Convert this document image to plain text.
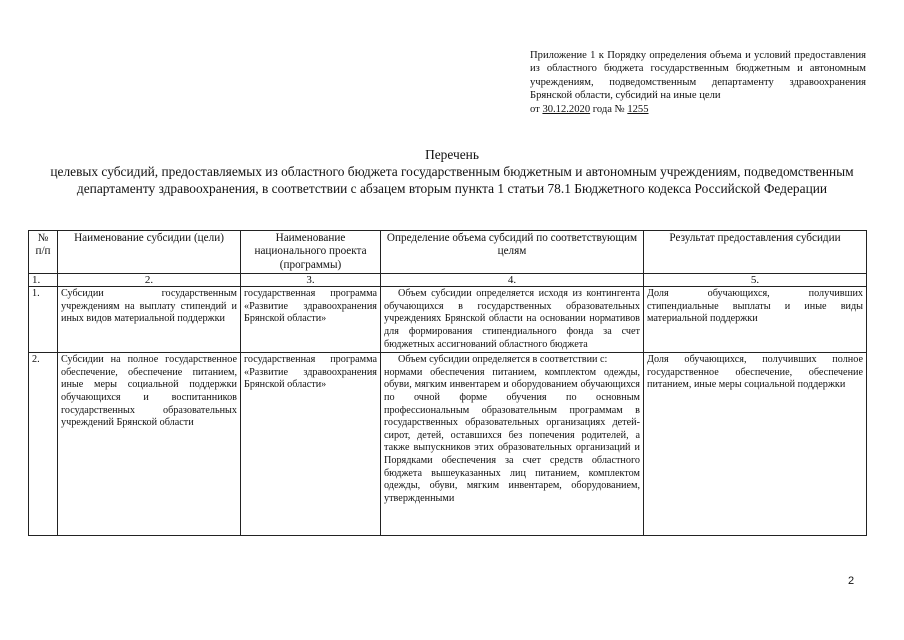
Приложение 1 к Порядку определения объема и условий предоставления из областного бюджета государственным бюджетным и автономным учреждениям, подведомственным департаменту здравоохранения Брянской области, субсидий на иные цели
от 30.12.2020 года № 1255
Перечень
целевых субсидий, предоставляемых из областного бюджета государственным бюджетным и автономным учреждениям, подведомственным департаменту здравоохранения, в соответствии с абзацем вторым пункта 1 статьи 78.1 Бюджетного кодекса Российской Федерации
№ п/п	Наименование субсидии (цели)	Наименование национального проекта (программы)	Определение объема субсидий по соответствующим целям	Результат предоставления субсидии
1.	2.	3.	4.	5.
1.	Субсидии государственным учреждениям на выплату стипендий и иных видов материальной поддержки	государственная программа «Развитие здравоохранения Брянской области»	Объем субсидии определяется исходя из контингента обучающихся в государственных образовательных учреждениях Брянской области на основании нормативов для формирования стипендиального фонда за счет бюджетных ассигнований областного бюджета	Доля обучающихся, получивших стипендиальные выплаты и иные виды материальной поддержки
2.	Субсидии на полное государственное обеспечение, обеспечение питанием, иные меры социальной поддержки обучающихся и воспитанников государственных образовательных учреждений Брянской области	государственная программа «Развитие здравоохранения Брянской области»	Объем субсидии определяется в соответствии с:
нормами обеспечения питанием, комплектом одежды, обуви, мягким инвентарем и оборудованием обучающихся по очной форме обучения по основным профессиональным образовательным программам в государственных образовательных организациях детей-сирот, детей, оставшихся без попечения родителей, а также выпускников этих образовательных организаций и Порядками обеспечения за счет средств областного бюджета вышеуказанных лиц питанием, комплектом одежды, обуви, мягким инвентарем, оборудованием, утвержденными	Доля обучающихся, получивших полное государственное обеспечение, обеспечение питанием, иные меры социальной поддержки
2
